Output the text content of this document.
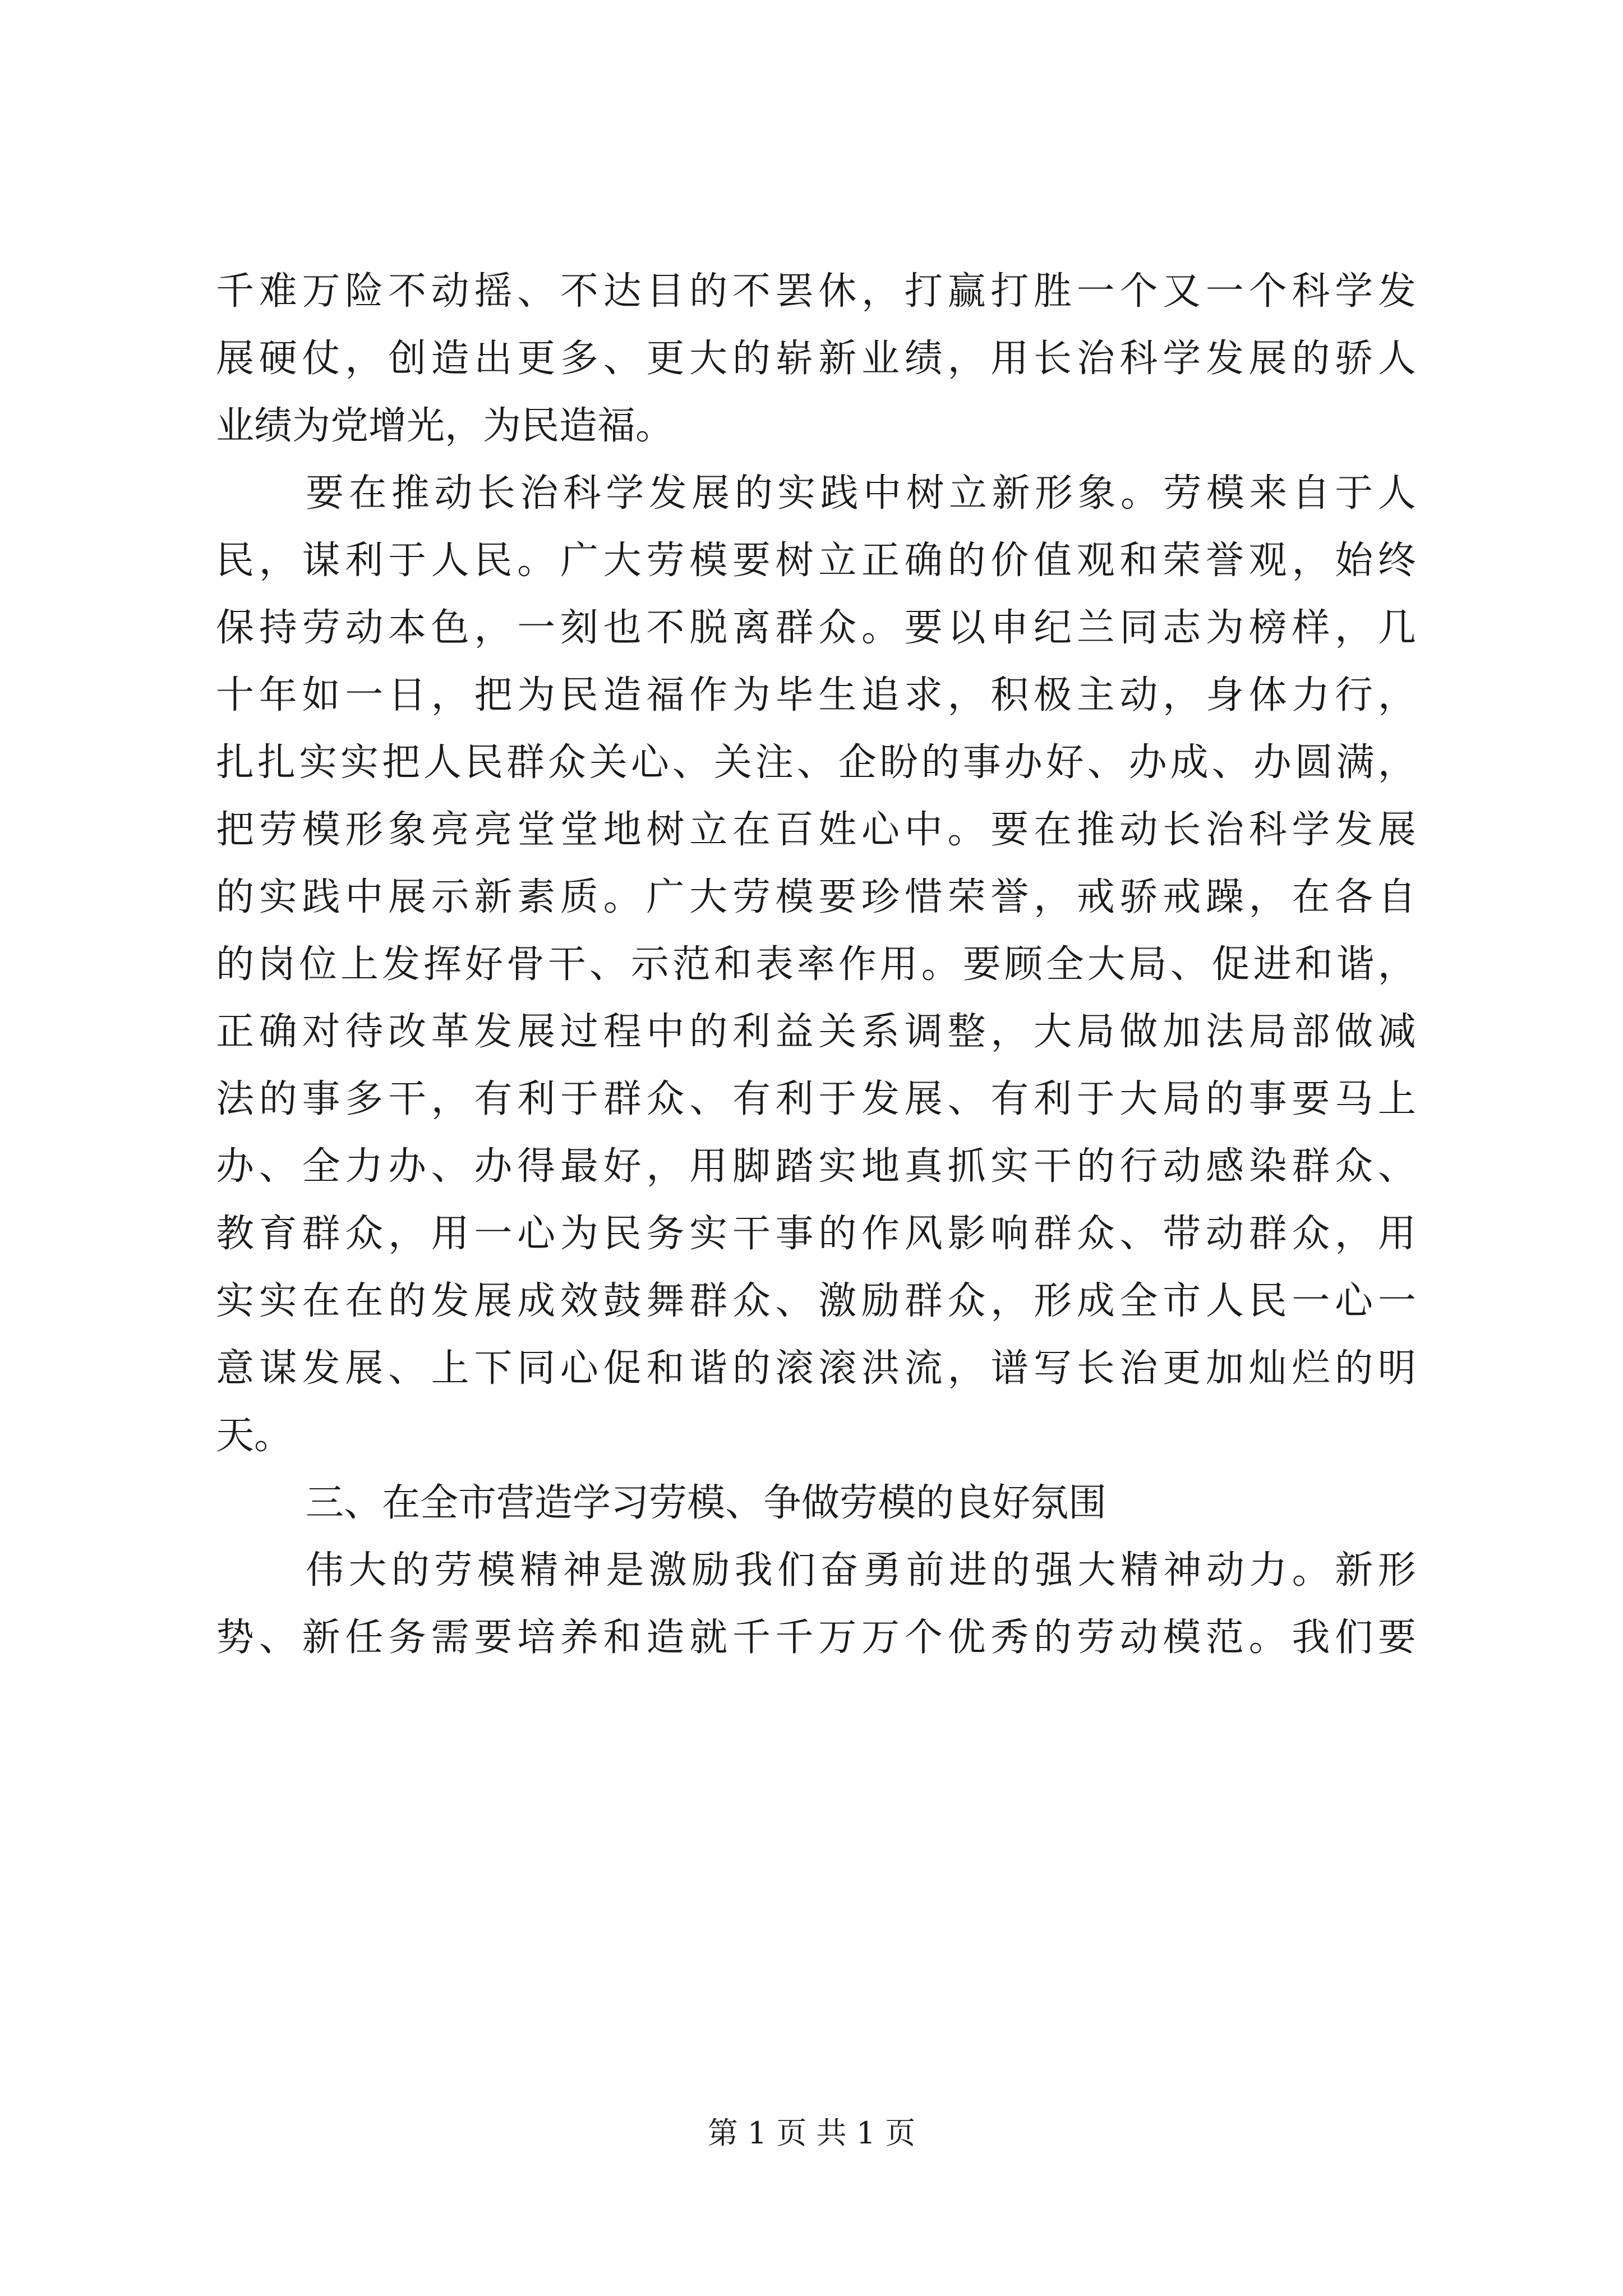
千 难 万 险 不 动 摇 、 不 达 目 的 不 罢 休 ， 打 赢 打 胜 一 个 又 一 个 科 学 发
展 硬 仗 ， 创 造 出 更 多 、 更 大 的 崭 新 业 绩 ， 用 长 治 科 学 发 展 的 骄 人
业绩为党增光，为民造福。
要 在 推 动 长 治 科 学 发 展 的 实 践 中 树 立 新 形 象 。 劳 模 来 自 于 人
民 ， 谋 利 于 人 民 。 广 大 劳 模 要 树 立 正 确 的 价 值 观 和 荣 誉 观 ， 始 终
保 持 劳 动 本 色 ， 一 刻 也 不 脱 离 群 众 。 要 以 申 纪 兰 同 志 为 榜 样 ， 几
十 年 如 一 日 ， 把 为 民 造 福 作 为 毕 生 追 求 ， 积 极 主 动 ， 身 体 力 行 ，
扎 扎 实 实 把 人 民 群 众 关 心 、 关 注 、 企 盼 的 事 办 好 、 办 成 、 办 圆 满 ，
把 劳 模 形 象 亮 亮 堂 堂 地 树 立 在 百 姓 心 中 。 要 在 推 动 长 治 科 学 发 展
的 实 践 中 展 示 新 素 质 。 广 大 劳 模 要 珍 惜 荣 誉 ， 戒 骄 戒 躁 ， 在 各 自
的 岗 位 上 发 挥 好 骨 干 、 示 范 和 表 率 作 用 。 要 顾 全 大 局 、 促 进 和 谐 ，
正 确 对 待 改 革 发 展 过 程 中 的 利 益 关 系 调 整 ， 大 局 做 加 法 局 部 做 减
法 的 事 多 干 ， 有 利 于 群 众 、 有 利 于 发 展 、 有 利 于 大 局 的 事 要 马 上
办 、 全 力 办 、 办 得 最 好 ， 用 脚 踏 实 地 真 抓 实 干 的 行 动 感 染 群 众 、
教 育 群 众 ， 用 一 心 为 民 务 实 干 事 的 作 风 影 响 群 众 、 带 动 群 众 ， 用
实 实 在 在 的 发 展 成 效 鼓 舞 群 众 、 激 励 群 众 ， 形 成 全 市 人 民 一 心 一
意 谋 发 展 、 上 下 同 心 促 和 谐 的 滚 滚 洪 流 ， 谱 写 长 治 更 加 灿 烂 的 明
天。
三、在全市营造学习劳模、争做劳模的良好氛围
伟 大 的 劳 模 精 神 是 激 励 我 们 奋 勇 前 进 的 强 大 精 神 动 力 。 新 形
势 、 新 任 务 需 要 培 养 和 造 就 千 千 万 万 个 优 秀 的 劳 动 模 范 。 我 们 要
第 1 页 共 1 页
